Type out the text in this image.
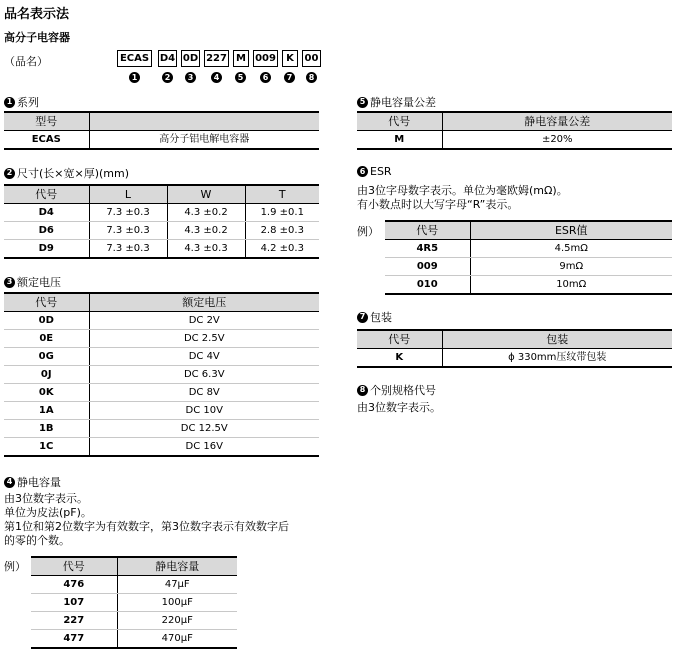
品名表示法
高分子电容器
（品名）	ECAS D4 0D 227 M 009	K	00
1	2	3	4	5	6	7	8
1 系列
型号	
ECAS	高分子铝电解电容器
2 尺寸(长×宽×厚)(mm)
代号	L	W	T
D4	7.3 ±0.3	4.3 ±0.2	1.9 ±0.1
D6	7.3 ±0.3	4.3 ±0.2	2.8 ±0.3
D9	7.3 ±0.3	4.3 ±0.3	4.2 ±0.3
3 额定电压
代号	额定电压
0D	DC 2V
0E	DC 2.5V
0G	DC 4V
0J	DC 6.3V
0K	DC 8V
1A	DC 10V
1B	DC 12.5V
1C	DC 16V
4 静电容量
由3位数字表示。
单位为皮法(pF)。
第1位和第2位数字为有效数字，第3位数字表示有效数字后
的零的个数。
例）	代号	静电容量
476	47μF
107	100μF
227	220μF
477	470μF
5 静电容量公差
代号	静电容量公差
M	±20%
6 ESR
由3位字母数字表示。单位为毫欧姆(mΩ)。
有小数点时以大写字母“R”表示。
例）	代号	ESR值
4R5	4.5mΩ
009	9mΩ
010	10mΩ
7 包装
代号	包装
K	ϕ 330mm压纹带包装
8 个别规格代号
由3位数字表示。
